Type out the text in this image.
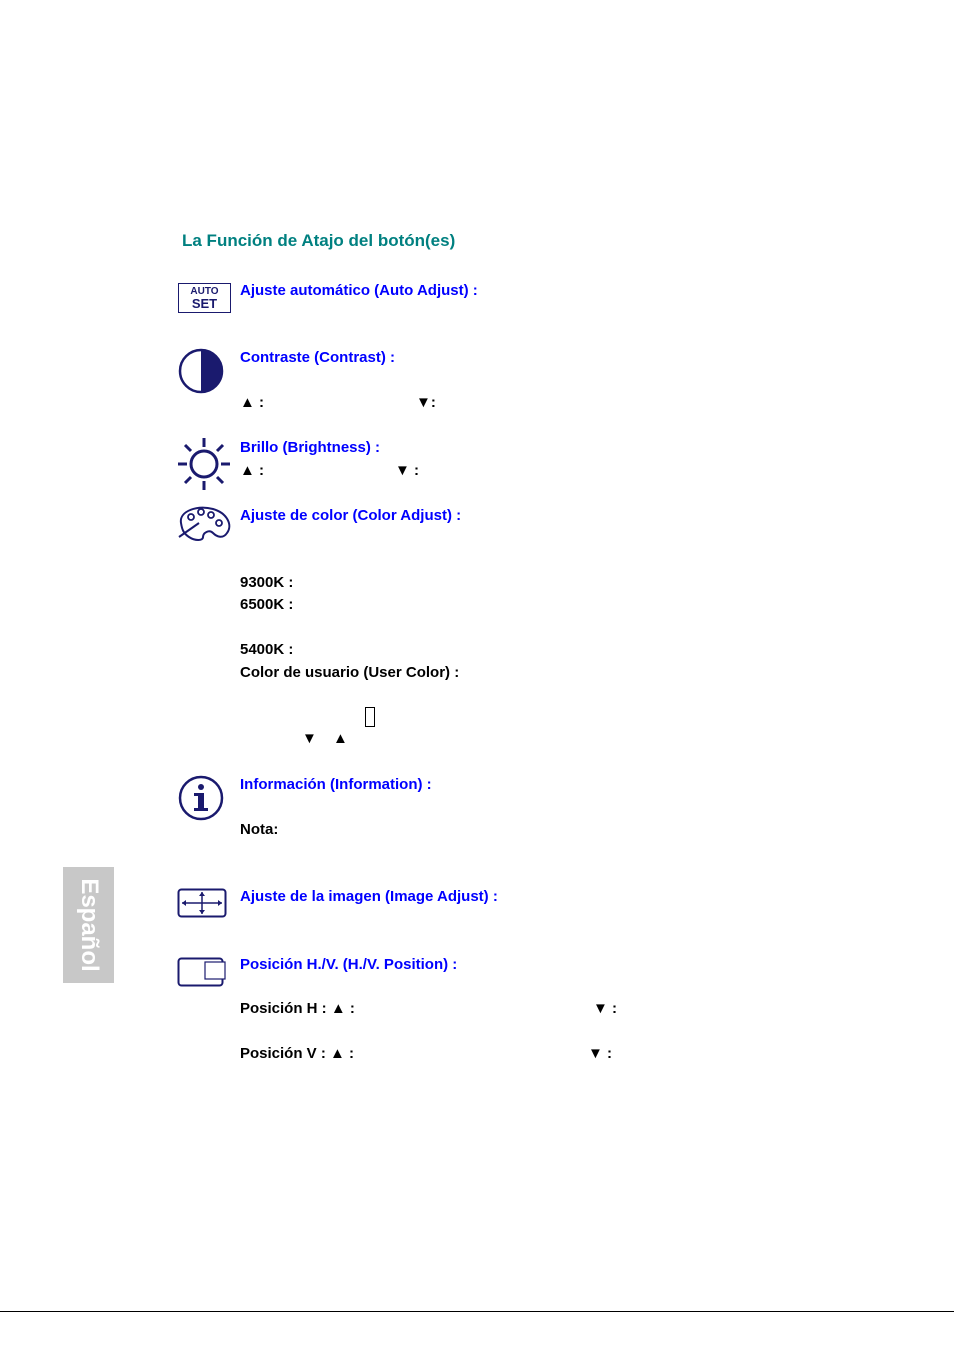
La Función de Atajo del botón(es)
AUTO
SET
Ajuste automático (Auto Adjust) :
Contraste (Contrast) :
▲ :	▼:
Brillo (Brightness) :
▲ :	▼ :
Ajuste de color (Color Adjust) :
9300K :
6500K :
5400K :
Color de usuario (User Color) :
▼ ▲
Información (Information) :
Nota:
Ajuste de la imagen (Image Adjust) :
Posición H./V. (H./V. Position) :
Posición H : ▲ :	▼ :
Posición V : ▲ :	▼ :
Español
